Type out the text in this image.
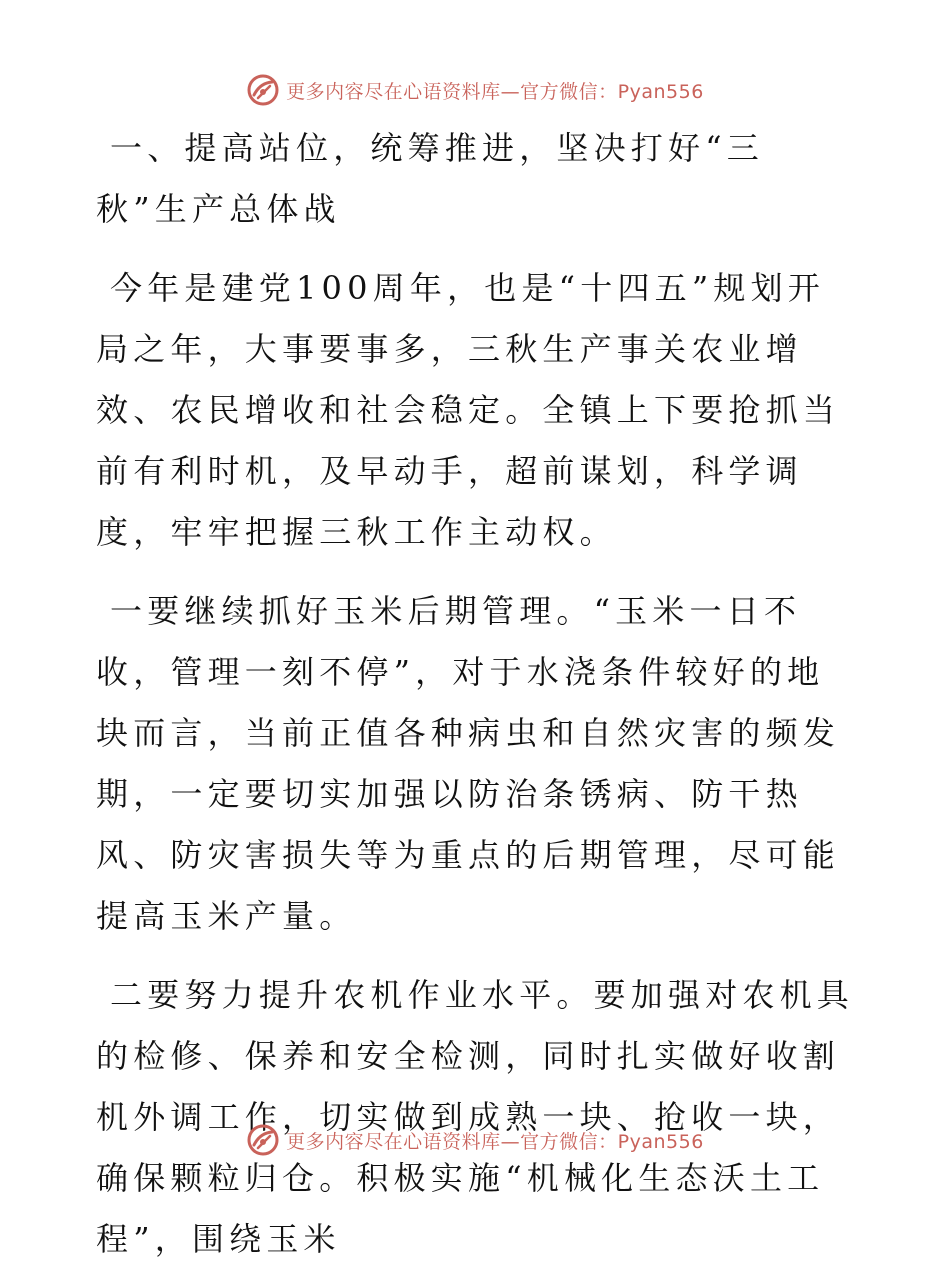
更多内容尽在心语资料库—官方微信：Pyan556

一、提高站位，统筹推进，坚决打好“三秋”生产总体战

今年是建党100周年，也是“十四五”规划开局之年，大事要事多，三秋生产事关农业增效、农民增收和社会稳定。全镇上下要抢抓当前有利时机，及早动手，超前谋划，科学调度，牢牢把握三秋工作主动权。

一要继续抓好玉米后期管理。“玉米一日不收，管理一刻不停”，对于水浇条件较好的地块而言，当前正值各种病虫和自然灾害的频发期，一定要切实加强以防治条锈病、防干热风、防灾害损失等为重点的后期管理，尽可能提高玉米产量。

二要努力提升农机作业水平。要加强对农机具的检修、保养和安全检测，同时扎实做好收割机外调工作，切实做到成熟一块、抢收一块，确保颗粒归仓。积极实施“机械化生态沃土工程”，围绕玉米

更多内容尽在心语资料库—官方微信：Pyan556
